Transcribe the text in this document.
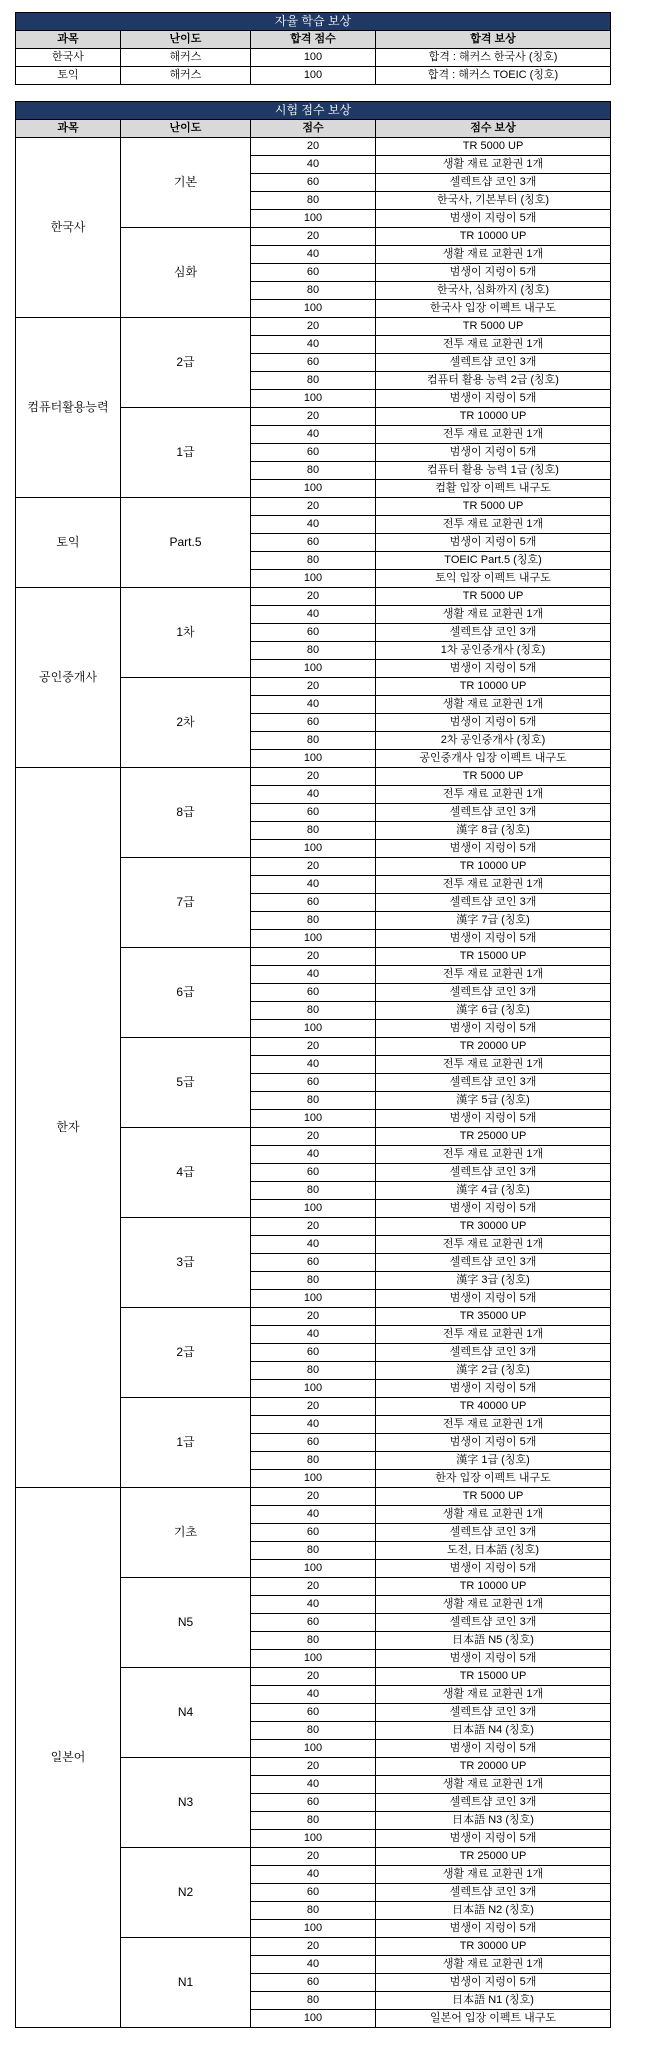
자율 학습 보상			
과목	난이도	합격 점수	합격 보상
한국사	해커스	100	합격 : 해커스 한국사 (칭호)
토익	해커스	100	합격 : 해커스 TOEIC (칭호)
시험 점수 보상			
과목	난이도	점수	점수 보상
한국사	기본	20	TR 5000 UP
		40	생활 재료 교환권 1개
		60	셀렉트샵 코인 3개
		80	한국사, 기본부터 (칭호)
		100	범생이 지렁이 5개
	심화	20	TR 10000 UP
		40	생활 재료 교환권 1개
		60	범생이 지렁이 5개
		80	한국사, 심화까지 (칭호)
		100	한국사 입장 이펙트 내구도
컴퓨터활용능력	2급	20	TR 5000 UP
		40	전투 재료 교환권 1개
		60	셀렉트샵 코인 3개
		80	컴퓨터 활용 능력 2급 (칭호)
		100	범생이 지렁이 5개
	1급	20	TR 10000 UP
		40	전투 재료 교환권 1개
		60	범생이 지렁이 5개
		80	컴퓨터 활용 능력 1급 (칭호)
		100	컴활 입장 이펙트 내구도
토익	Part.5	20	TR 5000 UP
		40	전투 재료 교환권 1개
		60	범생이 지렁이 5개
		80	TOEIC Part.5 (칭호)
		100	토익 입장 이펙트 내구도
공인중개사	1차	20	TR 5000 UP
		40	생활 재료 교환권 1개
		60	셀렉트샵 코인 3개
		80	1차 공인중개사 (칭호)
		100	범생이 지렁이 5개
	2차	20	TR 10000 UP
		40	생활 재료 교환권 1개
		60	범생이 지렁이 5개
		80	2차 공인중개사 (칭호)
		100	공인중개사 입장 이펙트 내구도
한자	8급	20	TR 5000 UP
		40	전투 재료 교환권 1개
		60	셀렉트샵 코인 3개
		80	漢字 8급 (칭호)
		100	범생이 지렁이 5개
	7급	20	TR 10000 UP
		40	전투 재료 교환권 1개
		60	셀렉트샵 코인 3개
		80	漢字 7급 (칭호)
		100	범생이 지렁이 5개
	6급	20	TR 15000 UP
		40	전투 재료 교환권 1개
		60	셀렉트샵 코인 3개
		80	漢字 6급 (칭호)
		100	범생이 지렁이 5개
	5급	20	TR 20000 UP
		40	전투 재료 교환권 1개
		60	셀렉트샵 코인 3개
		80	漢字 5급 (칭호)
		100	범생이 지렁이 5개
	4급	20	TR 25000 UP
		40	전투 재료 교환권 1개
		60	셀렉트샵 코인 3개
		80	漢字 4급 (칭호)
		100	범생이 지렁이 5개
	3급	20	TR 30000 UP
		40	전투 재료 교환권 1개
		60	셀렉트샵 코인 3개
		80	漢字 3급 (칭호)
		100	범생이 지렁이 5개
	2급	20	TR 35000 UP
		40	전투 재료 교환권 1개
		60	셀렉트샵 코인 3개
		80	漢字 2급 (칭호)
		100	범생이 지렁이 5개
	1급	20	TR 40000 UP
		40	전투 재료 교환권 1개
		60	범생이 지렁이 5개
		80	漢字 1급 (칭호)
		100	한자 입장 이펙트 내구도
일본어	기초	20	TR 5000 UP
		40	생활 재료 교환권 1개
		60	셀렉트샵 코인 3개
		80	도전, 日本語 (칭호)
		100	범생이 지렁이 5개
	N5	20	TR 10000 UP
		40	생활 재료 교환권 1개
		60	셀렉트샵 코인 3개
		80	日本語 N5 (칭호)
		100	범생이 지렁이 5개
	N4	20	TR 15000 UP
		40	생활 재료 교환권 1개
		60	셀렉트샵 코인 3개
		80	日本語 N4 (칭호)
		100	범생이 지렁이 5개
	N3	20	TR 20000 UP
		40	생활 재료 교환권 1개
		60	셀렉트샵 코인 3개
		80	日本語 N3 (칭호)
		100	범생이 지렁이 5개
	N2	20	TR 25000 UP
		40	생활 재료 교환권 1개
		60	셀렉트샵 코인 3개
		80	日本語 N2 (칭호)
		100	범생이 지렁이 5개
	N1	20	TR 30000 UP
		40	생활 재료 교환권 1개
		60	범생이 지렁이 5개
		80	日本語 N1 (칭호)
		100	일본어 입장 이펙트 내구도
